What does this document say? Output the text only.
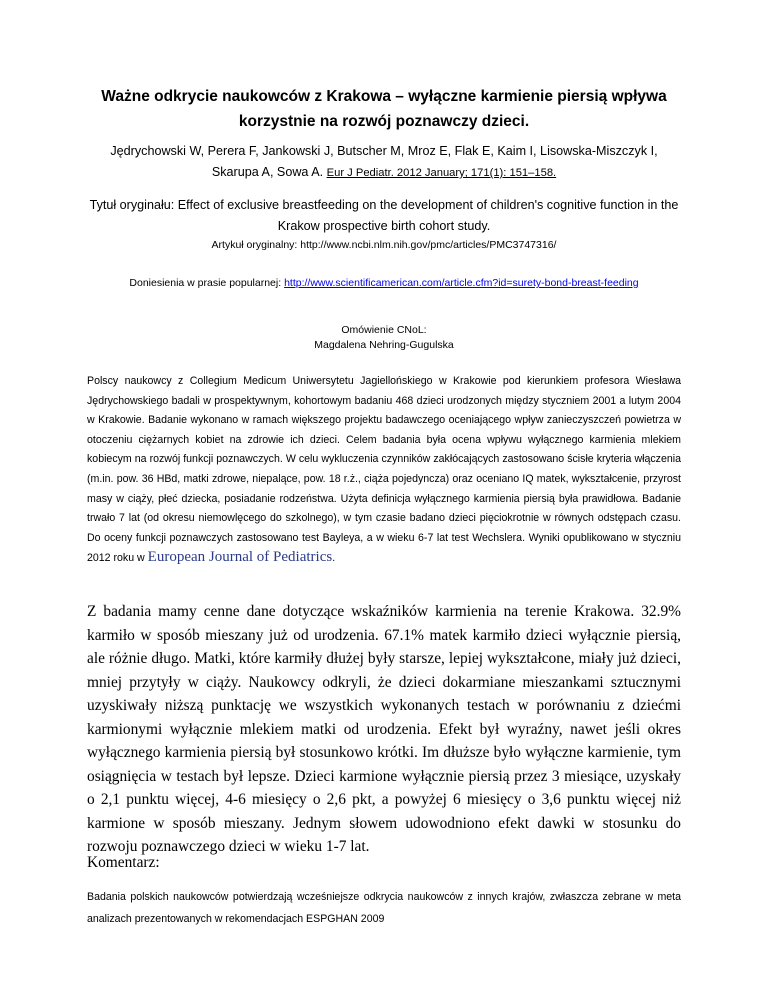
Ważne odkrycie naukowców z Krakowa – wyłączne karmienie piersią wpływa korzystnie na rozwój poznawczy dzieci.
Jędrychowski W, Perera F, Jankowski J, Butscher M, Mroz E, Flak E, Kaim I, Lisowska-Miszczyk I, Skarupa A, Sowa A. Eur J Pediatr. 2012 January; 171(1): 151–158.
Tytuł oryginału: Effect of exclusive breastfeeding on the development of children's cognitive function in the Krakow prospective birth cohort study.
Artykuł oryginalny: http://www.ncbi.nlm.nih.gov/pmc/articles/PMC3747316/
Doniesienia w prasie popularnej: http://www.scientificamerican.com/article.cfm?id=surety-bond-breast-feeding
Omówienie CNoL:
Magdalena Nehring-Gugulska
Polscy naukowcy z Collegium Medicum Uniwersytetu Jagiellońskiego w Krakowie pod kierunkiem profesora Wiesława Jędrychowskiego badali w prospektywnym, kohortowym badaniu 468 dzieci urodzonych między styczniem 2001 a lutym 2004 w Krakowie. Badanie wykonano w ramach większego projektu badawczego oceniającego wpływ zanieczyszczeń powietrza w otoczeniu ciężarnych kobiet na zdrowie ich dzieci. Celem badania była ocena wpływu wyłącznego karmienia mlekiem kobiecym na rozwój funkcji poznawczych. W celu wykluczenia czynników zakłócających zastosowano ścisłe kryteria włączenia (m.in. pow. 36 HBd, matki zdrowe, niepalące, pow. 18 r.ż., ciąża pojedyncza) oraz oceniano IQ matek, wykształcenie, przyrost masy w ciąży, płeć dziecka, posiadanie rodzeństwa. Użyta definicja wyłącznego karmienia piersią była prawidłowa. Badanie trwało 7 lat (od okresu niemowlęcego do szkolnego), w tym czasie badano dzieci pięciokrotnie w równych odstępach czasu. Do oceny funkcji poznawczych zastosowano test Bayleya, a w wieku 6-7 lat test Wechslera. Wyniki opublikowano w styczniu 2012 roku w European Journal of Pediatrics.
Z badania mamy cenne dane dotyczące wskaźników karmienia na terenie Krakowa. 32.9% karmiło w sposób mieszany już od urodzenia. 67.1% matek karmiło dzieci wyłącznie piersią, ale różnie długo. Matki, które karmiły dłużej były starsze, lepiej wykształcone, miały już dzieci, mniej przytyły w ciąży. Naukowcy odkryli, że dzieci dokarmiane mieszankami sztucznymi uzyskiwały niższą punktację we wszystkich wykonanych testach w porównaniu z dziećmi karmionymi wyłącznie mlekiem matki od urodzenia. Efekt był wyraźny, nawet jeśli okres wyłącznego karmienia piersią był stosunkowo krótki. Im dłuższe było wyłączne karmienie, tym osiągnięcia w testach był lepsze. Dzieci karmione wyłącznie piersią przez 3 miesiące, uzyskały o 2,1 punktu więcej, 4-6 miesięcy o 2,6 pkt, a powyżej 6 miesięcy o 3,6 punktu więcej niż karmione w sposób mieszany. Jednym słowem udowodniono efekt dawki w stosunku do rozwoju poznawczego dzieci w wieku 1-7 lat.
Komentarz:
Badania polskich naukowców potwierdzają wcześniejsze odkrycia naukowców z innych krajów, zwłaszcza zebrane w meta analizach prezentowanych w rekomendacjach ESPGHAN 2009
